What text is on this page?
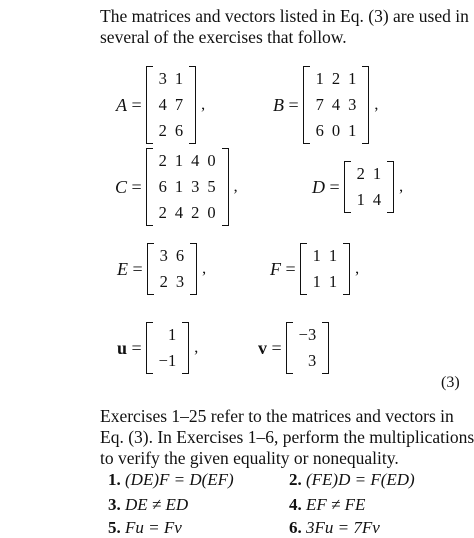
The matrices and vectors listed in Eq. (3) are used in
several of the exercises that follow.
A =
3 1
4 7
2 6
,	B =
1 2 1
7 4 3
6 0 1
,
C =
2 1 4 0
6 1 3 5
2 4 2 0
,	D =
2 1
1 4
,
E =
3 6
2 3
,	F =
1 1
1 1
,
u =
1
−1
,	v =
−3
3
(3)
Exercises 1–25 refer to the matrices and vectors in
Eq. (3). In Exercises 1–6, perform the multiplications
to verify the given equality or nonequality.
1. (DE)F = D(EF)	2. (FE)D = F(ED)
3. DE ≠ ED	4. EF ≠ FE
5. Fu = Fv	6. 3Fu = 7Fv
